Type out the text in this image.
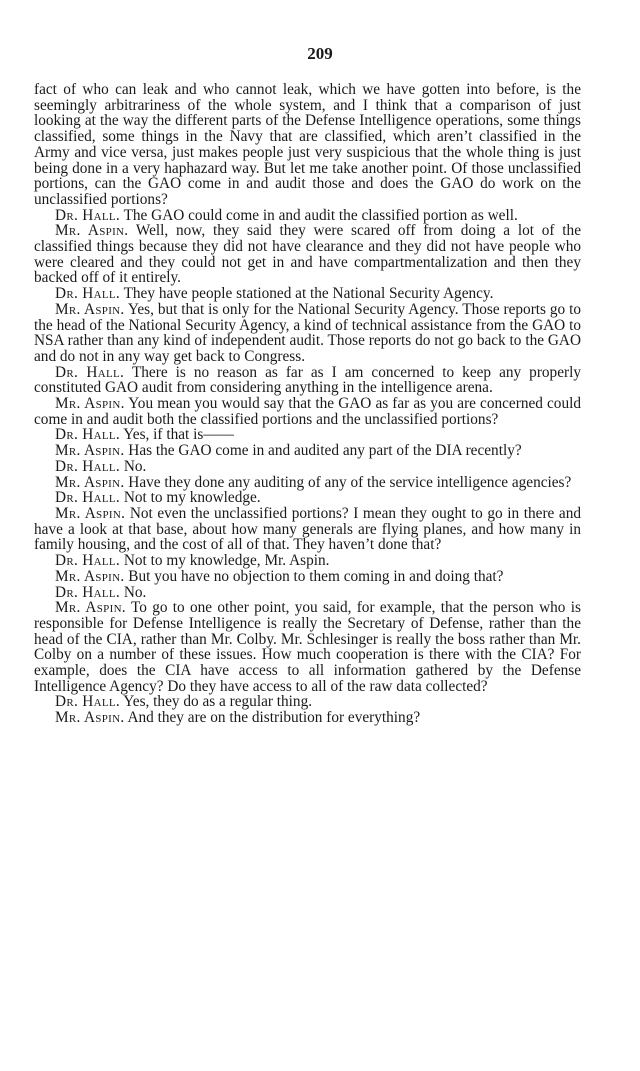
209

fact of who can leak and who cannot leak, which we have gotten into before, is the seemingly arbitrariness of the whole system, and I think that a comparison of just looking at the way the different parts of the Defense Intelligence operations, some things classified, some things in the Navy that are classified, which aren’t classified in the Army and vice versa, just makes people just very suspicious that the whole thing is just being done in a very haphazard way. But let me take another point. Of those unclassified portions, can the GAO come in and audit those and does the GAO do work on the unclassified portions?

Dr. Hall. The GAO could come in and audit the classified portion as well.

Mr. Aspin. Well, now, they said they were scared off from doing a lot of the classified things because they did not have clearance and they did not have people who were cleared and they could not get in and have compartmentalization and then they backed off of it entirely.

Dr. Hall. They have people stationed at the National Security Agency.

Mr. Aspin. Yes, but that is only for the National Security Agency. Those reports go to the head of the National Security Agency, a kind of technical assistance from the GAO to NSA rather than any kind of independent audit. Those reports do not go back to the GAO and do not in any way get back to Congress.

Dr. Hall. There is no reason as far as I am concerned to keep any properly constituted GAO audit from considering anything in the intelligence arena.

Mr. Aspin. You mean you would say that the GAO as far as you are concerned could come in and audit both the classified portions and the unclassified portions?

Dr. Hall. Yes, if that is——

Mr. Aspin. Has the GAO come in and audited any part of the DIA recently?

Dr. Hall. No.

Mr. Aspin. Have they done any auditing of any of the service intelligence agencies?

Dr. Hall. Not to my knowledge.

Mr. Aspin. Not even the unclassified portions? I mean they ought to go in there and have a look at that base, about how many generals are flying planes, and how many in family housing, and the cost of all of that. They haven’t done that?

Dr. Hall. Not to my knowledge, Mr. Aspin.

Mr. Aspin. But you have no objection to them coming in and doing that?

Dr. Hall. No.

Mr. Aspin. To go to one other point, you said, for example, that the person who is responsible for Defense Intelligence is really the Secretary of Defense, rather than the head of the CIA, rather than Mr. Colby. Mr. Schlesinger is really the boss rather than Mr. Colby on a number of these issues. How much cooperation is there with the CIA? For example, does the CIA have access to all information gathered by the Defense Intelligence Agency? Do they have access to all of the raw data collected?

Dr. Hall. Yes, they do as a regular thing.

Mr. Aspin. And they are on the distribution for everything?
